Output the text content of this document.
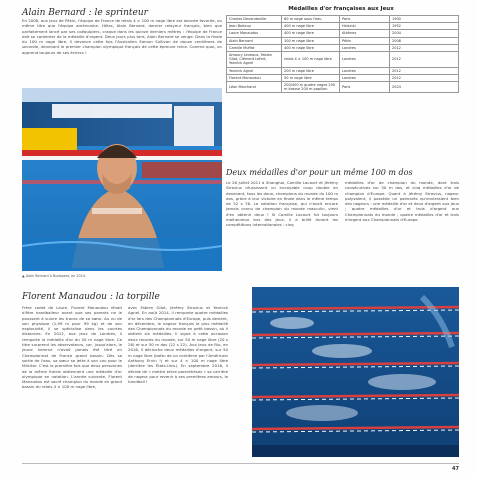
Alain Bernard : le sprinteur

En 2008, aux Jeux de Pékin, l'équipe de France de relais 4 × 100 m nage libre est donnée favorite, ou même titre que l'équipe américaine. Hélas, Alain Bernard, dernier relayeur français, bien que parfaitement lancé par ses coéquipiers, craque dans les quinze derniers mètres : l'équipe de France doit se contenter de la médaille d'argent. Deux jours plus tard, Alain Bernard se venge. Dans la finale du 100 m nage libre, il devance cette fois l'Australien Eamon Sullivan de douze centièmes de seconde, devenant le premier champion olympique français de cette épreuve reine. Comme quoi, on apprend toujours de ses échecs !

▲ Alain Bernard à Budapest, en 2010.
Florent Manaudou : la torpille

Frère cadet de Laure, Florent Manaudou rêvait d'être handballeur avant que ses parents ne le poussent à suivre les traces de sa sœur. Au vu de son physique (1,99 m pour 99 kg) et de son explosivité, il se spécialise dans les courtes distances. En 2012, aux Jeux de Londres, il remporte la médaille d'or du 50 m nage libre. Ce titre surprend les observateurs, car, jusqu'alors, le jeune homme n'avait jamais été titré en Championnat de France grand bassin. Dès sa sortie de l'eau, sa sœur se jette à son cou pour le féliciter. C'est la première fois que deux personnes de la même fratrie obtiennent une médaille d'or olympique en natation. L'année suivante, Florent Manaudou est sacré champion du monde en grand bassin du relais 4 × 100 m nage libre,

avec Fabien Gilot, Jérémy Stravius et Yannick Agnel. En août 2014, il remporte quatre médailles d'or lors des Championnats d'Europe, puis devient, en décembre, le nageur français le plus médaillé des Championnats du monde en petit bassin, où il obtient six médailles. Il signe à cette occasion deux records du monde, sur 50 m nage libre (20 s 26) et sur 50 m dos (22 s 22). Aux Jeux de Rio, en 2016, il décroche deux médailles d'argent, sur 50 m nage libre (battu de un centième par l'Américain Anthony Ervin !) et sur 4 × 100 m nage libre (derrière les États-Unis). En septembre 2016, il décide de « mettre entre parenthèses » sa carrière de nageur pour revenir à ses premières amours, le handball !

Médailles d'or françaises aux Jeux
Charles Devendeville	60 m nage sous l'eau	Paris	1900
Jean Boiteux	400 m nage libre	Helsinki	1952
Laure Manaudou	400 m nage libre	Athènes	2004
Alain Bernard	100 m nage libre	Pékin	2008
Camille Muffat	400 m nage libre	Londres	2012
Amaury Leveaux, Fabien Gilot, Clément Lefert, Yannick Agnel	relais 4 × 100 m nage libre	Londres	2012
Yannick Agnel	200 m nage libre	Londres	2012
Florent Manaudou	50 m nage libre	Londres	2012
Léon Marchand	200/400 m quatre nages 200 m brasse 200 m papillon	Paris	2024
Deux médailles d'or pour un même 100 m dos

Le 26 juillet 2011 à Shanghai, Camille Lacourt et Jérémy Stravius réussissent un incroyable coup double en devenant, tous les deux, champions du monde du 100 m dos, grâce à leur victoire en finale dans le même temps de 52 s 76. La natation française, qui n'avait encore jamais connu de champion du monde masculin, vient d'en obtenir deux ! Si Camille Lacourt fut toujours malheureux lors des Jeux, il a brillé durant les compétitions internationales : cinq

médailles d'or de champion du monde, dont trois consécutives sur 50 m dos, et cinq médailles d'or de champion d'Europe. Quant à Jérémy Stravius, nageur polyvalent, il possède un palmarès qu'envieraient bien des nageurs : une médaille d'or et deux d'argent aux Jeux ; quatre médailles d'or et trois d'argent aux Championnats du monde ; quatre médailles d'or et trois d'argent aux Championnats d'Europe.

47
